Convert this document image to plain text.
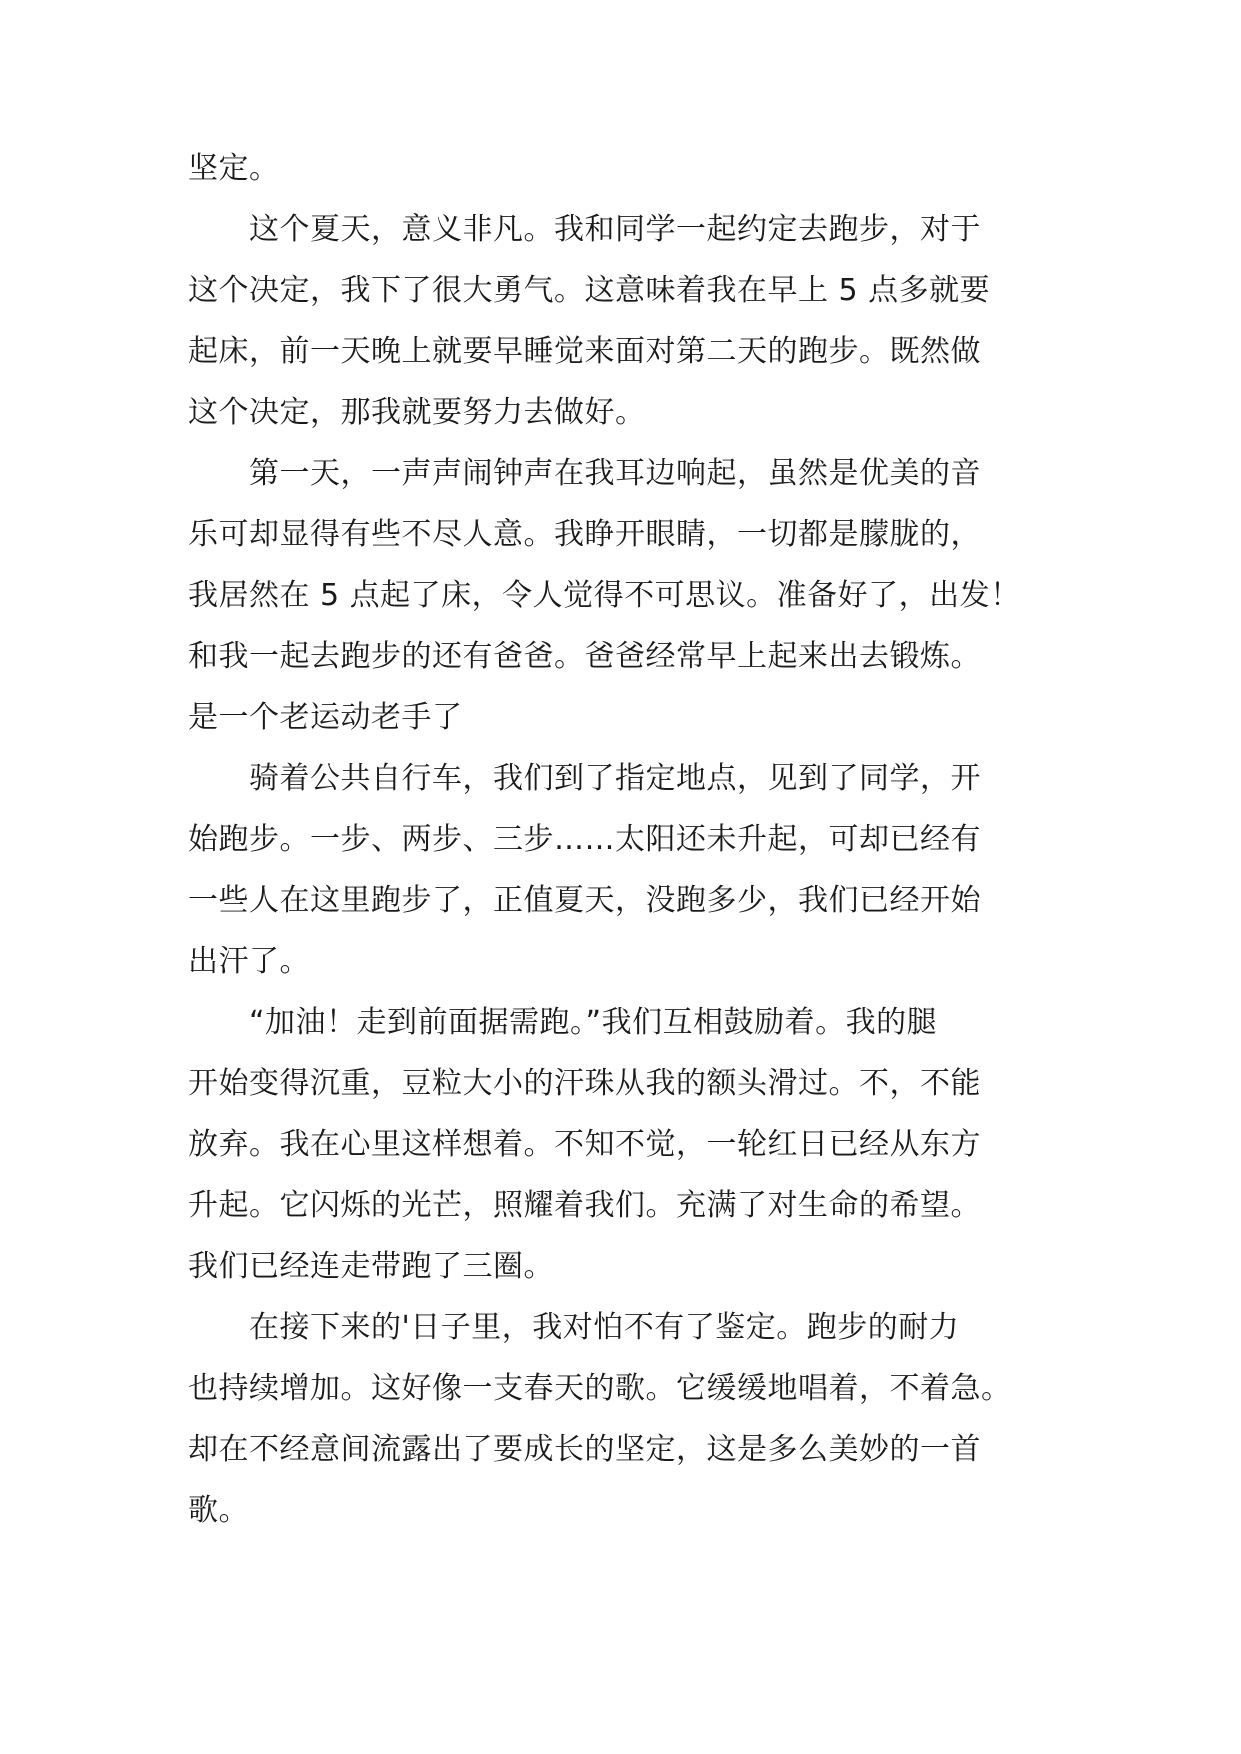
坚定。
　　这个夏天，意义非凡。我和同学一起约定去跑步，对于
这个决定，我下了很大勇气。这意味着我在早上 5 点多就要
起床，前一天晚上就要早睡觉来面对第二天的跑步。既然做
这个决定，那我就要努力去做好。
　　第一天，一声声闹钟声在我耳边响起，虽然是优美的音
乐可却显得有些不尽人意。我睁开眼睛，一切都是朦胧的，
我居然在 5 点起了床，令人觉得不可思议。准备好了，出发！
和我一起去跑步的还有爸爸。爸爸经常早上起来出去锻炼。
是一个老运动老手了
　　骑着公共自行车，我们到了指定地点，见到了同学，开
始跑步。一步、两步、三步……太阳还未升起，可却已经有
一些人在这里跑步了，正值夏天，没跑多少，我们已经开始
出汗了。
　　“加油！走到前面据需跑。”我们互相鼓励着。我的腿
开始变得沉重，豆粒大小的汗珠从我的额头滑过。不，不能
放弃。我在心里这样想着。不知不觉，一轮红日已经从东方
升起。它闪烁的光芒，照耀着我们。充满了对生命的希望。
我们已经连走带跑了三圈。
　　在接下来的'日子里，我对怕不有了鉴定。跑步的耐力
也持续增加。这好像一支春天的歌。它缓缓地唱着，不着急。
却在不经意间流露出了要成长的坚定，这是多么美妙的一首
歌。
